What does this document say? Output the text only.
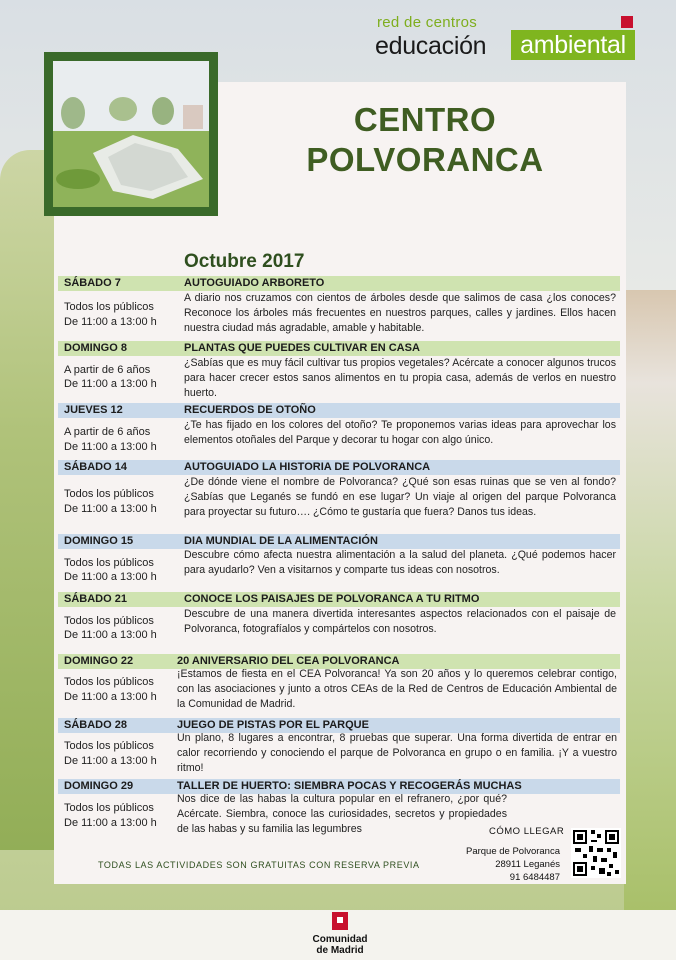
red de centros
educación	ambiental
CENTRO
POLVORANCA
Octubre 2017
SÁBADO 7	AUTOGUIADO ARBORETO
Todos los públicos
De 11:00 a 13:00 h
A diario nos cruzamos con cientos de árboles desde que salimos de casa ¿los conoces? Reconoce los árboles más frecuentes en nuestros parques, calles y jardines. Ellos hacen nuestra ciudad más agradable, amable y habitable.
DOMINGO 8	PLANTAS QUE PUEDES CULTIVAR EN CASA
A partir de 6 años
De 11:00 a 13:00 h
¿Sabías que es muy fácil cultivar tus propios vegetales? Acércate a conocer algunos trucos para hacer crecer estos sanos alimentos en tu propia casa, además de verlos en nuestro huerto.
JUEVES 12	RECUERDOS DE OTOÑO
A partir de 6 años
De 11:00 a 13:00 h
¿Te has fijado en los colores del otoño? Te proponemos varias ideas para aprovechar los elementos otoñales del Parque y decorar tu hogar con algo único.
SÁBADO 14	AUTOGUIADO LA HISTORIA DE POLVORANCA
Todos los públicos
De 11:00 a 13:00 h
¿De dónde viene el nombre de Polvoranca? ¿Qué son esas ruinas que se ven al fondo? ¿Sabías que Leganés se fundó en ese lugar? Un viaje al origen del parque Polvoranca para proyectar su futuro…. ¿Cómo te gustaría que fuera? Danos tus ideas.
DOMINGO 15	DIA MUNDIAL DE LA ALIMENTACIÓN
Todos los públicos
De 11:00 a 13:00 h
Descubre cómo afecta nuestra alimentación a la salud del planeta. ¿Qué podemos hacer para ayudarlo? Ven a visitarnos y comparte tus ideas con nosotros.
SÁBADO 21	CONOCE LOS PAISAJES DE POLVORANCA A TU RITMO
Todos los públicos
De 11:00 a 13:00 h
Descubre de una manera divertida interesantes aspectos relacionados con el paisaje de Polvoranca, fotografíalos y compártelos con nosotros.
DOMINGO 22	20 ANIVERSARIO DEL CEA POLVORANCA
Todos los públicos
De 11:00 a 13:00 h
¡Estamos de fiesta en el CEA Polvoranca! Ya son 20 años y lo queremos celebrar contigo, con las asociaciones y junto a otros CEAs de la Red de Centros de Educación Ambiental de la Comunidad de Madrid.
SÁBADO 28	JUEGO DE PISTAS POR EL PARQUE
Todos los públicos
De 11:00 a 13:00 h
Un plano, 8 lugares a encontrar, 8 pruebas que superar. Una forma divertida de entrar en calor recorriendo y conociendo el parque de Polvoranca en grupo o en familia. ¡Y a vuestro ritmo!
DOMINGO 29	TALLER DE HUERTO: SIEMBRA POCAS Y RECOGERÁS MUCHAS
Todos los públicos
De 11:00 a 13:00 h
Nos dice de las habas la cultura popular en el refranero, ¿por qué? Acércate. Siembra, conoce las curiosidades, secretos y propiedades de las habas y su familia las legumbres
TODAS LAS ACTIVIDADES SON GRATUITAS CON RESERVA PREVIA
CÓMO LLEGAR
Parque de Polvoranca
28911 Leganés
91 6484487
Comunidad
de Madrid
